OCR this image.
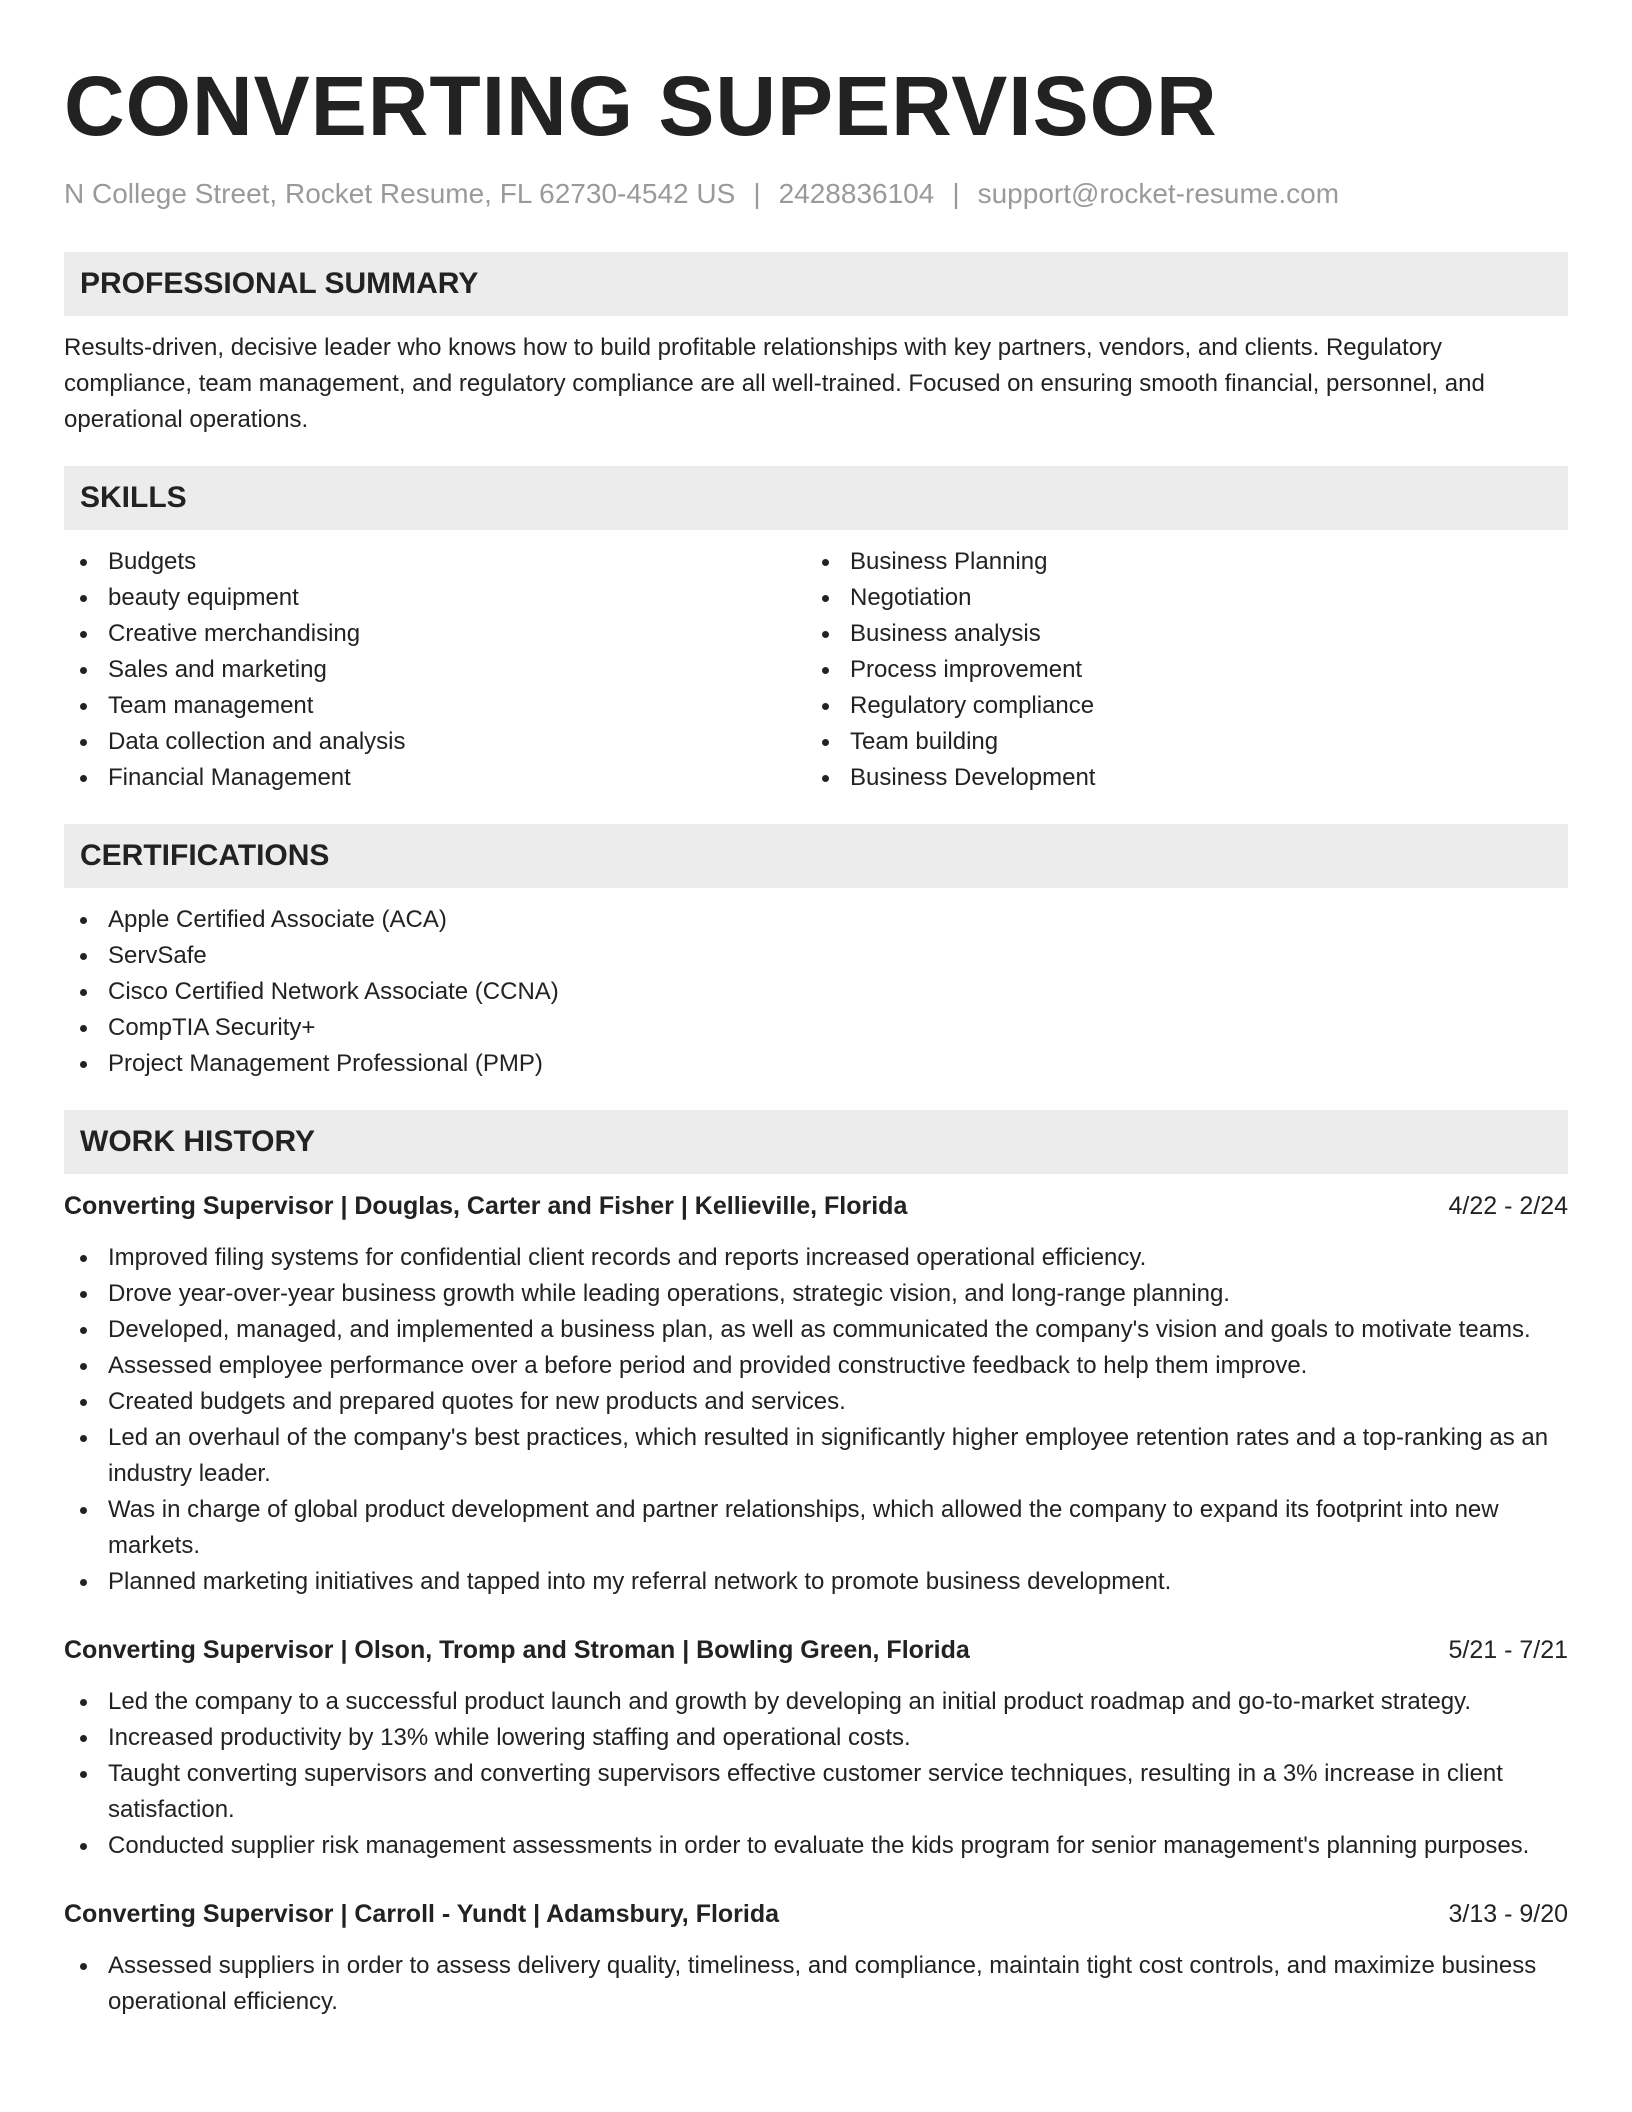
CONVERTING SUPERVISOR
N College Street, Rocket Resume, FL 62730-4542 US | 2428836104 | support@rocket-resume.com
PROFESSIONAL SUMMARY

Results-driven, decisive leader who knows how to build profitable relationships with key partners, vendors, and clients. Regulatory compliance, team management, and regulatory compliance are all well-trained. Focused on ensuring smooth financial, personnel, and operational operations.

SKILLS
Budgets
beauty equipment
Creative merchandising
Sales and marketing
Team management
Data collection and analysis
Financial Management
Business Planning
Negotiation
Business analysis
Process improvement
Regulatory compliance
Team building
Business Development
CERTIFICATIONS
Apple Certified Associate (ACA)
ServSafe
Cisco Certified Network Associate (CCNA)
CompTIA Security+
Project Management Professional (PMP)
WORK HISTORY
Converting Supervisor | Douglas, Carter and Fisher | Kellieville, Florida	4/22 - 2/24
Improved filing systems for confidential client records and reports increased operational efficiency.
Drove year-over-year business growth while leading operations, strategic vision, and long-range planning.
Developed, managed, and implemented a business plan, as well as communicated the company's vision and goals to motivate teams.
Assessed employee performance over a before period and provided constructive feedback to help them improve.
Created budgets and prepared quotes for new products and services.
Led an overhaul of the company's best practices, which resulted in significantly higher employee retention rates and a top-ranking as an industry leader.
Was in charge of global product development and partner relationships, which allowed the company to expand its footprint into new markets.
Planned marketing initiatives and tapped into my referral network to promote business development.
Converting Supervisor | Olson, Tromp and Stroman | Bowling Green, Florida	5/21 - 7/21
Led the company to a successful product launch and growth by developing an initial product roadmap and go-to-market strategy.
Increased productivity by 13% while lowering staffing and operational costs.
Taught converting supervisors and converting supervisors effective customer service techniques, resulting in a 3% increase in client satisfaction.
Conducted supplier risk management assessments in order to evaluate the kids program for senior management's planning purposes.
Converting Supervisor | Carroll - Yundt | Adamsbury, Florida	3/13 - 9/20
Assessed suppliers in order to assess delivery quality, timeliness, and compliance, maintain tight cost controls, and maximize business operational efficiency.
